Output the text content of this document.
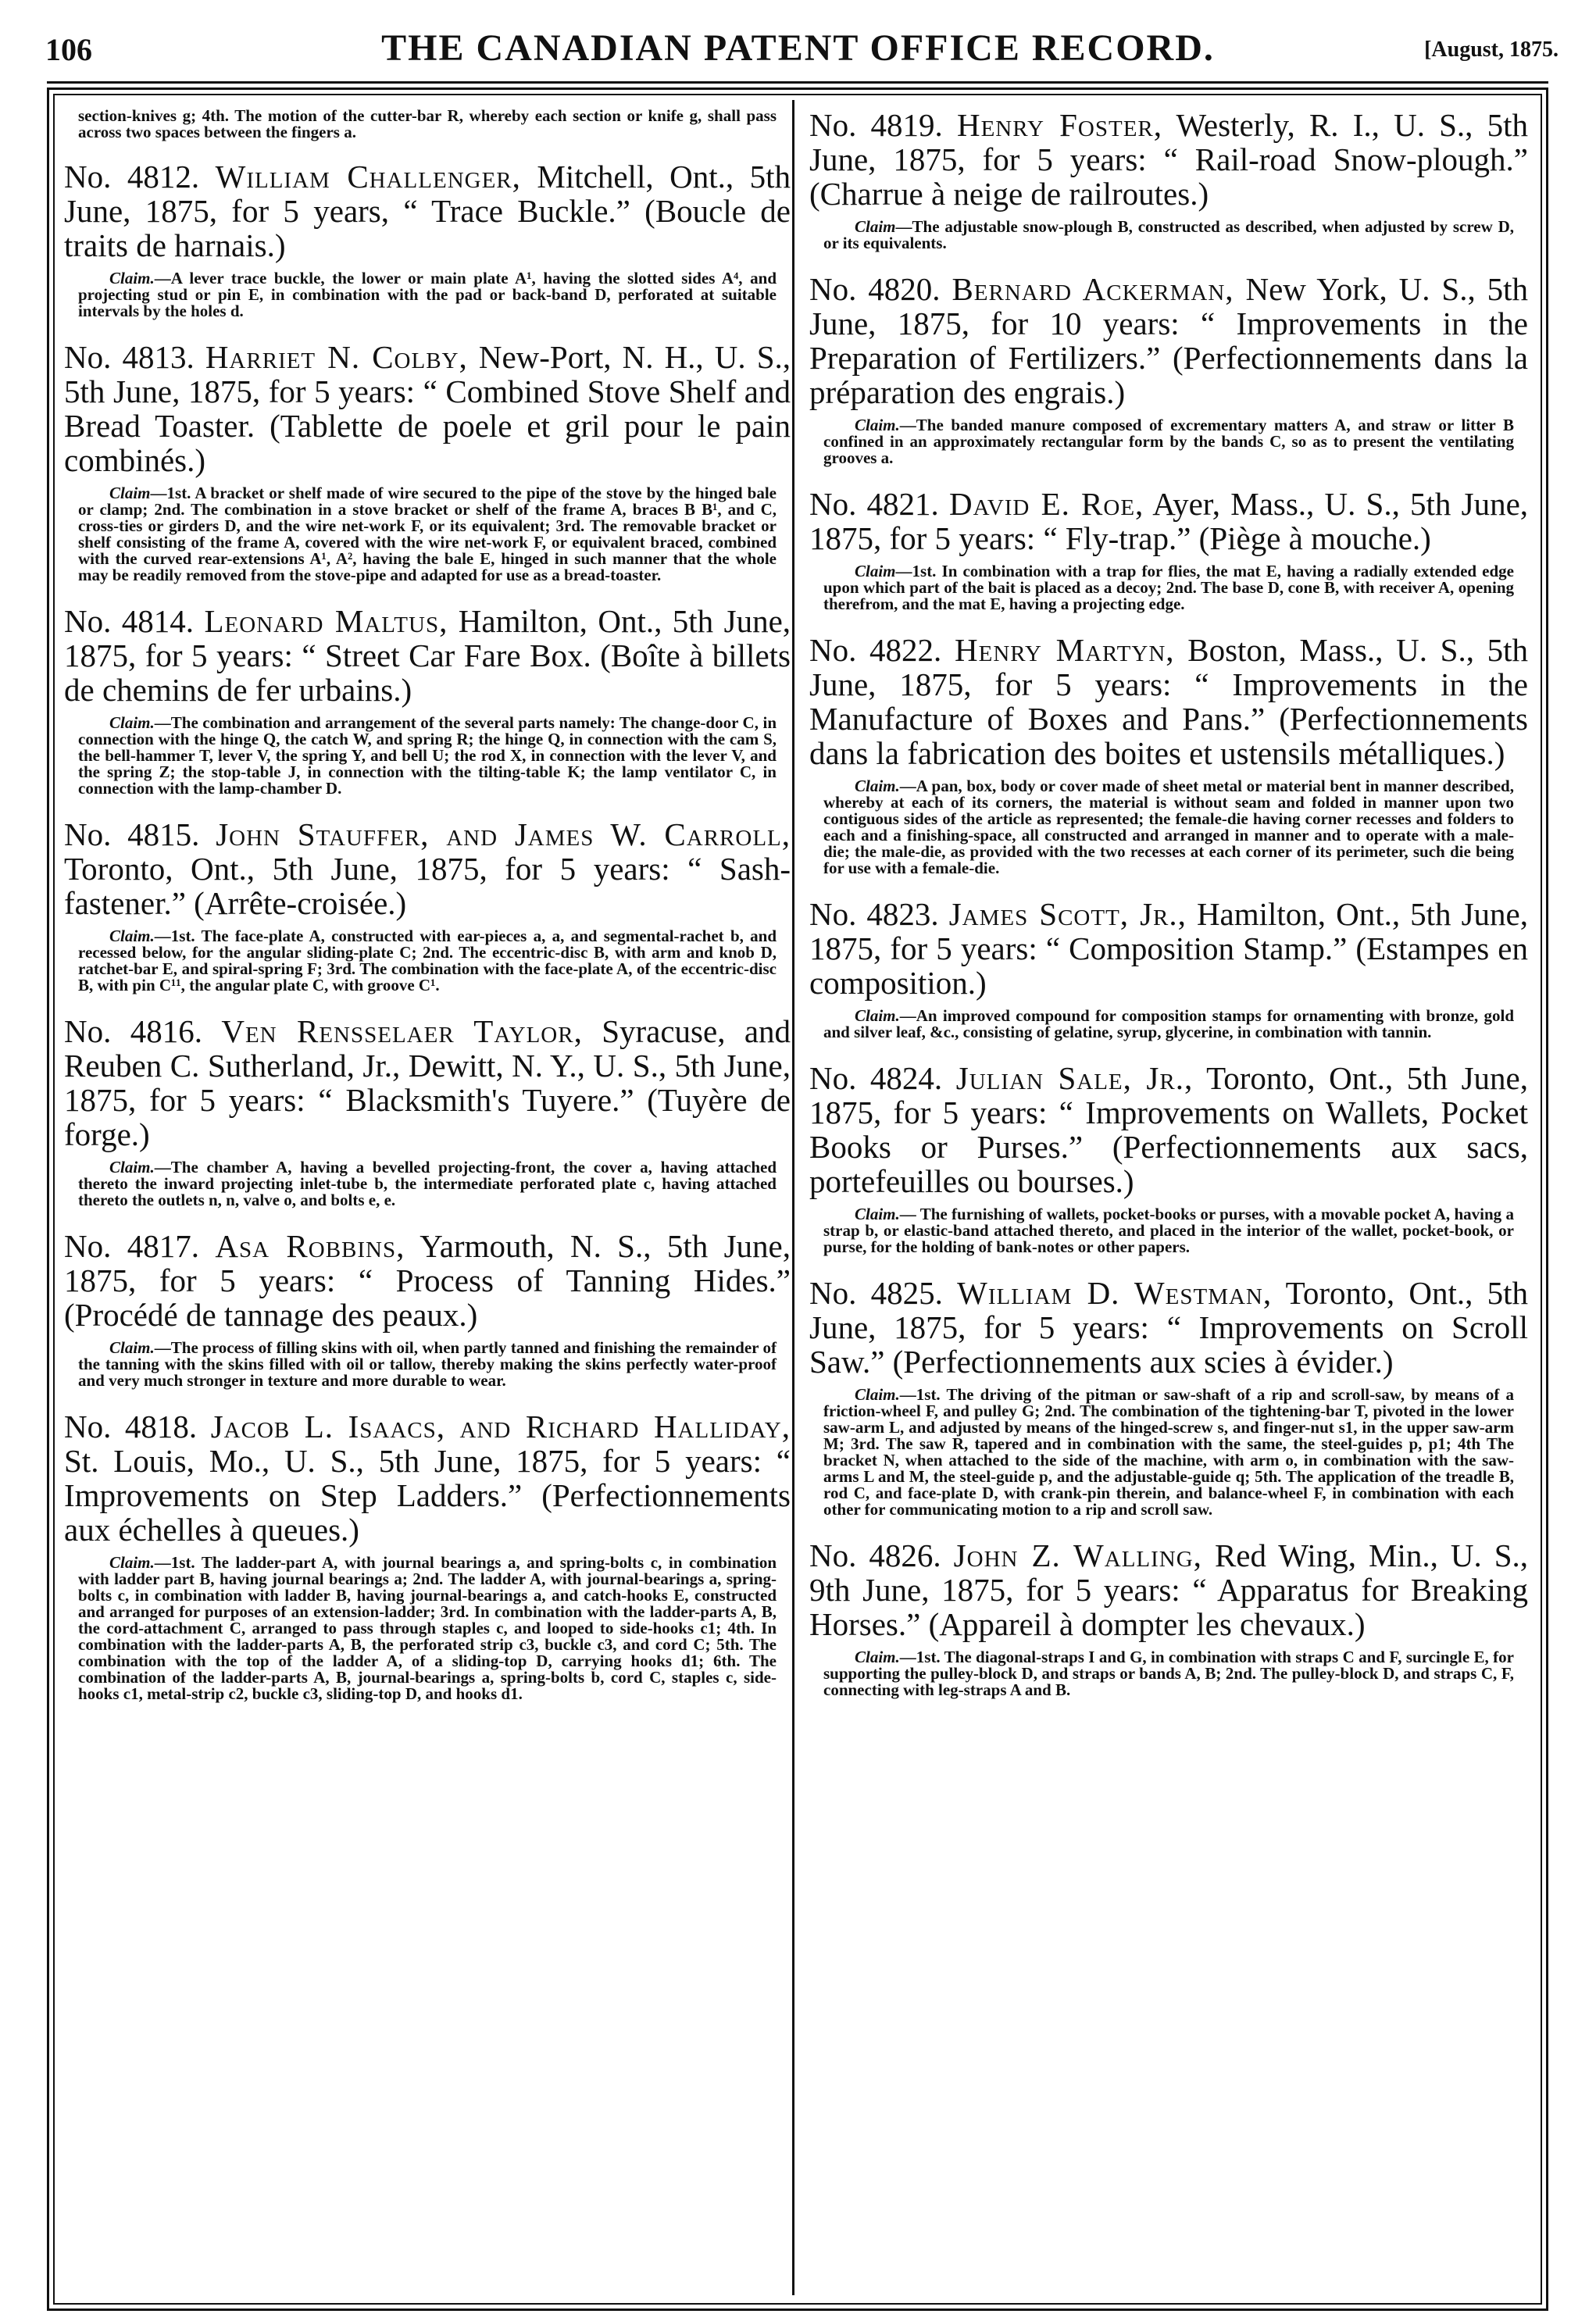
106	THE CANADIAN PATENT OFFICE RECORD.	[August, 1875.

section-knives g; 4th. The motion of the cutter-bar R, whereby each section or knife g, shall pass across two spaces between the fingers a.

No. 4812. William Challenger, Mitchell, Ont., 5th June, 1875, for 5 years, “ Trace Buckle.” (Boucle de traits de harnais.)

Claim.—A lever trace buckle, the lower or main plate A¹, having the slotted sides A⁴, and projecting stud or pin E, in combination with the pad or back-band D, perforated at suitable intervals by the holes d.

No. 4813. Harriet N. Colby, New-Port, N. H., U. S., 5th June, 1875, for 5 years: “ Combined Stove Shelf and Bread Toaster. (Tablette de poele et gril pour le pain combinés.)

Claim—1st. A bracket or shelf made of wire secured to the pipe of the stove by the hinged bale or clamp; 2nd. The combination in a stove bracket or shelf of the frame A, braces B B¹, and C, cross-ties or girders D, and the wire net-work F, or its equivalent; 3rd. The removable bracket or shelf consisting of the frame A, covered with the wire net-work F, or equivalent braced, combined with the curved rear-extensions A¹, A², having the bale E, hinged in such manner that the whole may be readily removed from the stove-pipe and adapted for use as a bread-toaster.

No. 4814. Leonard Maltus, Hamilton, Ont., 5th June, 1875, for 5 years: “ Street Car Fare Box. (Boîte à billets de chemins de fer urbains.)

Claim.—The combination and arrangement of the several parts namely: The change-door C, in connection with the hinge Q, the catch W, and spring R; the hinge Q, in connection with the cam S, the bell-hammer T, lever V, the spring Y, and bell U; the rod X, in connection with the lever V, and the spring Z; the stop-table J, in connection with the tilting-table K; the lamp ventilator C, in connection with the lamp-chamber D.

No. 4815. John Stauffer, and James W. Carroll, Toronto, Ont., 5th June, 1875, for 5 years: “ Sash-fastener.” (Arrête-croisée.)

Claim.—1st. The face-plate A, constructed with ear-pieces a, a, and segmental-rachet b, and recessed below, for the angular sliding-plate C; 2nd. The eccentric-disc B, with arm and knob D, ratchet-bar E, and spiral-spring F; 3rd. The combination with the face-plate A, of the eccentric-disc B, with pin C¹¹, the angular plate C, with groove C¹.

No. 4816. Ven Rensselaer Taylor, Syracuse, and Reuben C. Sutherland, Jr., Dewitt, N. Y., U. S., 5th June, 1875, for 5 years: “ Blacksmith's Tuyere.” (Tuyère de forge.)

Claim.—The chamber A, having a bevelled projecting-front, the cover a, having attached thereto the inward projecting inlet-tube b, the intermediate perforated plate c, having attached thereto the outlets n, n, valve o, and bolts e, e.

No. 4817. Asa Robbins, Yarmouth, N. S., 5th June, 1875, for 5 years: “ Process of Tanning Hides.” (Procédé de tannage des peaux.)

Claim.—The process of filling skins with oil, when partly tanned and finishing the remainder of the tanning with the skins filled with oil or tallow, thereby making the skins perfectly water-proof and very much stronger in texture and more durable to wear.

No. 4818. Jacob L. Isaacs, and Richard Halliday, St. Louis, Mo., U. S., 5th June, 1875, for 5 years: “ Improvements on Step Ladders.” (Perfectionnements aux échelles à queues.)

Claim.—1st. The ladder-part A, with journal bearings a, and spring-bolts c, in combination with ladder part B, having journal bearings a; 2nd. The ladder A, with journal-bearings a, spring-bolts c, in combination with ladder B, having journal-bearings a, and catch-hooks E, constructed and arranged for purposes of an extension-ladder; 3rd. In combination with the ladder-parts A, B, the cord-attachment C, arranged to pass through staples c, and looped to side-hooks c1; 4th. In combination with the ladder-parts A, B, the perforated strip c3, buckle c3, and cord C; 5th. The combination with the top of the ladder A, of a sliding-top D, carrying hooks d1; 6th. The combination of the ladder-parts A, B, journal-bearings a, spring-bolts b, cord C, staples c, side-hooks c1, metal-strip c2, buckle c3, sliding-top D, and hooks d1.

No. 4819. Henry Foster, Westerly, R. I., U. S., 5th June, 1875, for 5 years: “ Rail-road Snow-plough.” (Charrue à neige de railroutes.)

Claim—The adjustable snow-plough B, constructed as described, when adjusted by screw D, or its equivalents.

No. 4820. Bernard Ackerman, New York, U. S., 5th June, 1875, for 10 years: “ Improvements in the Preparation of Fertilizers.” (Perfectionnements dans la préparation des engrais.)

Claim.—The banded manure composed of excrementary matters A, and straw or litter B confined in an approximately rectangular form by the bands C, so as to present the ventilating grooves a.

No. 4821. David E. Roe, Ayer, Mass., U. S., 5th June, 1875, for 5 years: “ Fly-trap.” (Piège à mouche.)

Claim—1st. In combination with a trap for flies, the mat E, having a radially extended edge upon which part of the bait is placed as a decoy; 2nd. The base D, cone B, with receiver A, opening therefrom, and the mat E, having a projecting edge.

No. 4822. Henry Martyn, Boston, Mass., U. S., 5th June, 1875, for 5 years: “ Improvements in the Manufacture of Boxes and Pans.” (Perfectionnements dans la fabrication des boites et ustensils métalliques.)

Claim.—A pan, box, body or cover made of sheet metal or material bent in manner described, whereby at each of its corners, the material is without seam and folded in manner upon two contiguous sides of the article as represented; the female-die having corner recesses and folders to each and a finishing-space, all constructed and arranged in manner and to operate with a male-die; the male-die, as provided with the two recesses at each corner of its perimeter, such die being for use with a female-die.

No. 4823. James Scott, Jr., Hamilton, Ont., 5th June, 1875, for 5 years: “ Composition Stamp.” (Estampes en composition.)

Claim.—An improved compound for composition stamps for ornamenting with bronze, gold and silver leaf, &c., consisting of gelatine, syrup, glycerine, in combination with tannin.

No. 4824. Julian Sale, Jr., Toronto, Ont., 5th June, 1875, for 5 years: “ Improvements on Wallets, Pocket Books or Purses.” (Perfectionnements aux sacs, portefeuilles ou bourses.)

Claim.— The furnishing of wallets, pocket-books or purses, with a movable pocket A, having a strap b, or elastic-band attached thereto, and placed in the interior of the wallet, pocket-book, or purse, for the holding of bank-notes or other papers.

No. 4825. William D. Westman, Toronto, Ont., 5th June, 1875, for 5 years: “ Improvements on Scroll Saw.” (Perfectionnements aux scies à évider.)

Claim.—1st. The driving of the pitman or saw-shaft of a rip and scroll-saw, by means of a friction-wheel F, and pulley G; 2nd. The combination of the tightening-bar T, pivoted in the lower saw-arm L, and adjusted by means of the hinged-screw s, and finger-nut s1, in the upper saw-arm M; 3rd. The saw R, tapered and in combination with the same, the steel-guides p, p1; 4th The bracket N, when attached to the side of the machine, with arm o, in combination with the saw-arms L and M, the steel-guide p, and the adjustable-guide q; 5th. The application of the treadle B, rod C, and face-plate D, with crank-pin therein, and balance-wheel F, in combination with each other for communicating motion to a rip and scroll saw.

No. 4826. John Z. Walling, Red Wing, Min., U. S., 9th June, 1875, for 5 years: “ Apparatus for Breaking Horses.” (Appareil à dompter les chevaux.)

Claim.—1st. The diagonal-straps I and G, in combination with straps C and F, surcingle E, for supporting the pulley-block D, and straps or bands A, B; 2nd. The pulley-block D, and straps C, F, connecting with leg-straps A and B.
